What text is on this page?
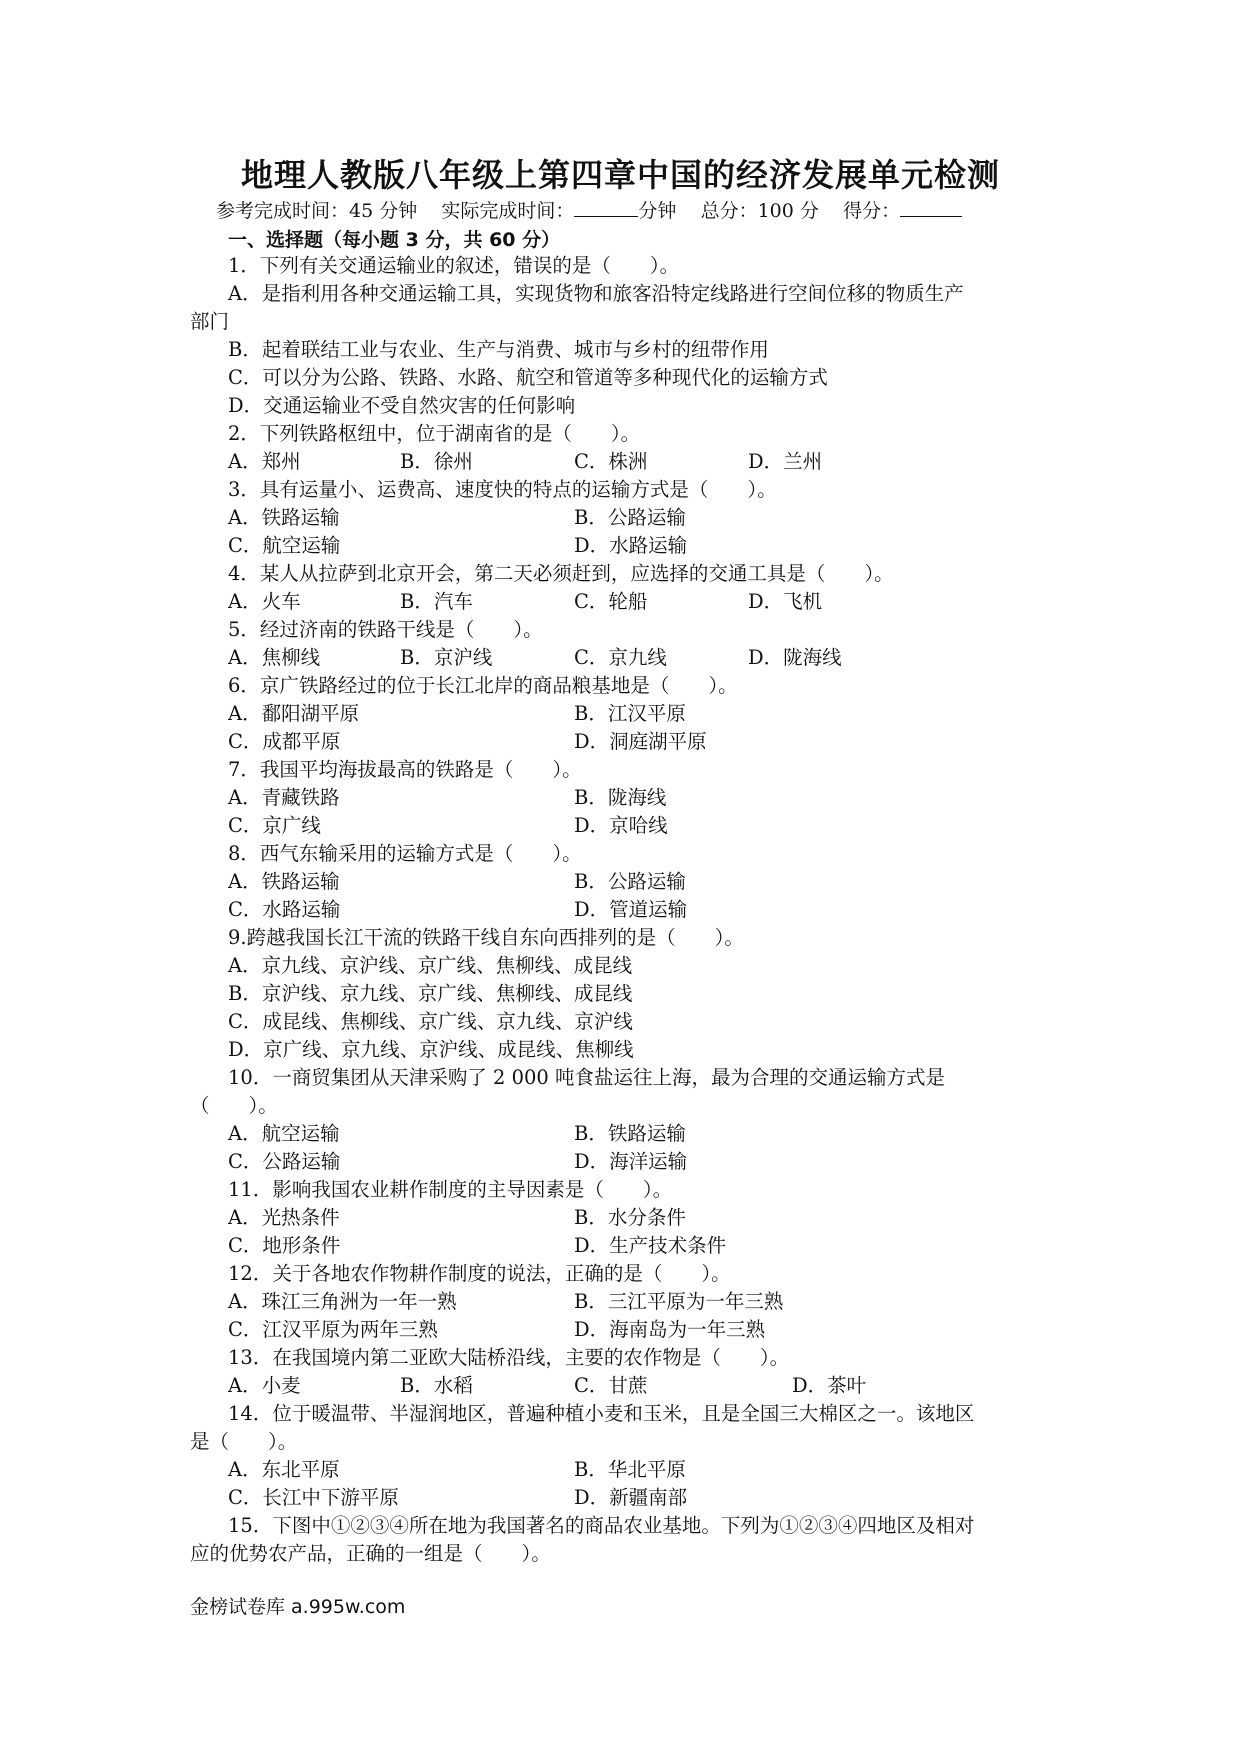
地理人教版八年级上第四章中国的经济发展单元检测
参考完成时间：45 分钟 实际完成时间：	分钟 总分：100 分 得分：
一、选择题（每小题 3 分，共 60 分）
1．下列有关交通运输业的叙述，错误的是（　　）。
A．是指利用各种交通运输工具，实现货物和旅客沿特定线路进行空间位移的物质生产
部门
B．起着联结工业与农业、生产与消费、城市与乡村的纽带作用
C．可以分为公路、铁路、水路、航空和管道等多种现代化的运输方式
D．交通运输业不受自然灾害的任何影响
2．下列铁路枢纽中，位于湖南省的是（　　）。
A．郑州	B．徐州	C．株洲	D．兰州
3．具有运量小、运费高、速度快的特点的运输方式是（　　）。
A．铁路运输	B．公路运输
C．航空运输	D．水路运输
4．某人从拉萨到北京开会，第二天必须赶到，应选择的交通工具是（　　）。
A．火车	B．汽车	C．轮船	D．飞机
5．经过济南的铁路干线是（　　）。
A．焦柳线	B．京沪线	C．京九线	D．陇海线
6．京广铁路经过的位于长江北岸的商品粮基地是（　　）。
A．鄱阳湖平原	B．江汉平原
C．成都平原	D．洞庭湖平原
7．我国平均海拔最高的铁路是（　　）。
A．青藏铁路	B．陇海线
C．京广线	D．京哈线
8．西气东输采用的运输方式是（　　）。
A．铁路运输	B．公路运输
C．水路运输	D．管道运输
9.跨越我国长江干流的铁路干线自东向西排列的是（　　）。
A．京九线、京沪线、京广线、焦柳线、成昆线
B．京沪线、京九线、京广线、焦柳线、成昆线
C．成昆线、焦柳线、京广线、京九线、京沪线
D．京广线、京九线、京沪线、成昆线、焦柳线
10．一商贸集团从天津采购了 2 000 吨食盐运往上海，最为合理的交通运输方式是
（　　）。
A．航空运输	B．铁路运输
C．公路运输	D．海洋运输
11．影响我国农业耕作制度的主导因素是（　　）。
A．光热条件	B．水分条件
C．地形条件	D．生产技术条件
12．关于各地农作物耕作制度的说法，正确的是（　　）。
A．珠江三角洲为一年一熟	B．三江平原为一年三熟
C．江汉平原为两年三熟	D．海南岛为一年三熟
13．在我国境内第二亚欧大陆桥沿线，主要的农作物是（　　）。
A．小麦	B．水稻	C．甘蔗	D．茶叶
14．位于暖温带、半湿润地区，普遍种植小麦和玉米，且是全国三大棉区之一。该地区
是（　　）。
A．东北平原	B．华北平原
C．长江中下游平原	D．新疆南部
15．下图中①②③④所在地为我国著名的商品农业基地。下列为①②③④四地区及相对
应的优势农产品，正确的一组是（　　）。
金榜试卷库 a.995w.com
